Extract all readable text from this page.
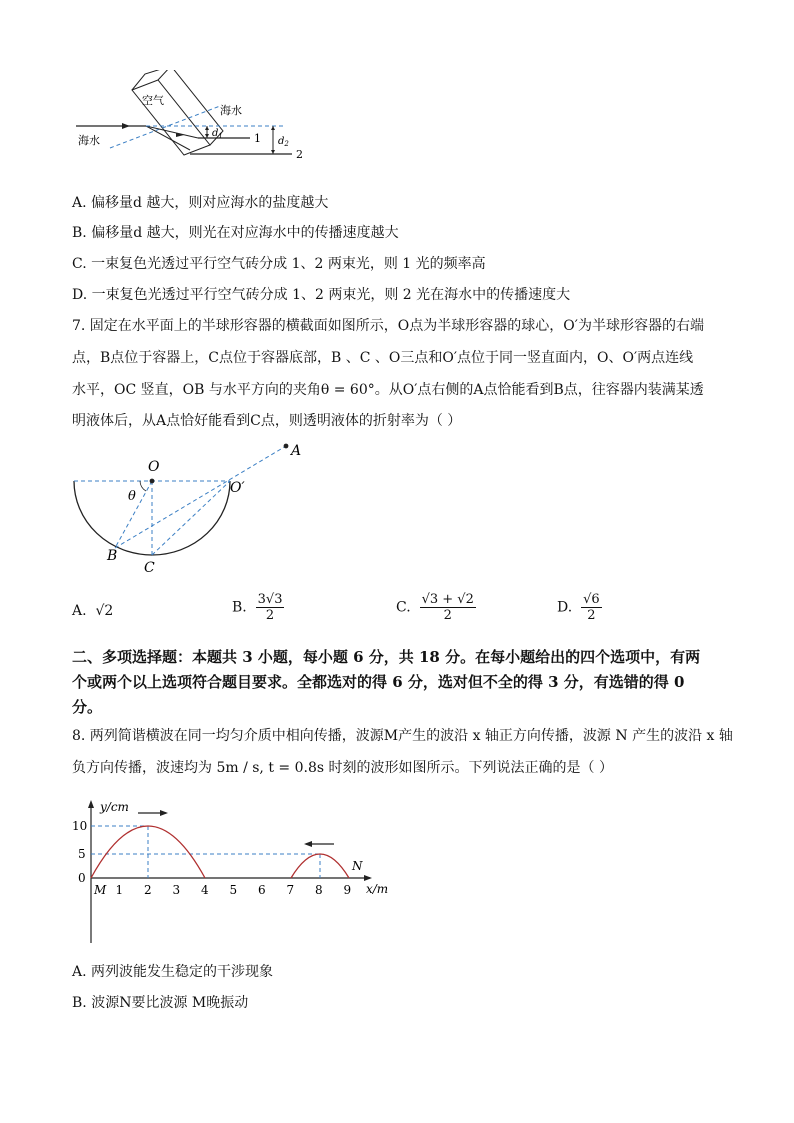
空气
海水
海水
$d_1$	$d_2$
1
2
A. 偏移量d 越大，则对应海水的盐度越大
B. 偏移量d 越大，则光在对应海水中的传播速度越大
C. 一束复色光透过平行空气砖分成 1、2 两束光，则 1 光的频率高
D. 一束复色光透过平行空气砖分成 1、2 两束光，则 2 光在海水中的传播速度大
7. 固定在水平面上的半球形容器的横截面如图所示，O点为半球形容器的球心，O′为半球形容器的右端
点，B点位于容器上，C点位于容器底部，B 、C 、O三点和O′点位于同一竖直面内，O、O′两点连线
水平，OC 竖直，OB 与水平方向的夹角θ = 60°。从O′点右侧的A点恰能看到B点，往容器内装满某透
明液体后，从A点恰好能看到C点，则透明液体的折射率为（ ）
O
O′
A
B
C
θ
A. √2	B. $\frac{3√3}{2}$	C. $\frac{√3 + √2}{2}$	D. $\frac{√6}{2}$
二、多项选择题：本题共 3 小题，每小题 6 分，共 18 分。在每小题给出的四个选项中，有两
个或两个以上选项符合题目要求。全都选对的得 6 分，选对但不全的得 3 分，有选错的得 0
分。
8. 两列简谐横波在同一均匀介质中相向传播，波源M产生的波沿 x 轴正方向传播，波源 N 产生的波沿 x 轴
负方向传播，波速均为 5m / s, t = 0.8s 时刻的波形如图所示。下列说法正确的是（ ）
y/cm
x/m
10
5
0
M
N
1 2 3 4 5 6 7 8 9
A. 两列波能发生稳定的干涉现象
B. 波源N要比波源 M晚振动
